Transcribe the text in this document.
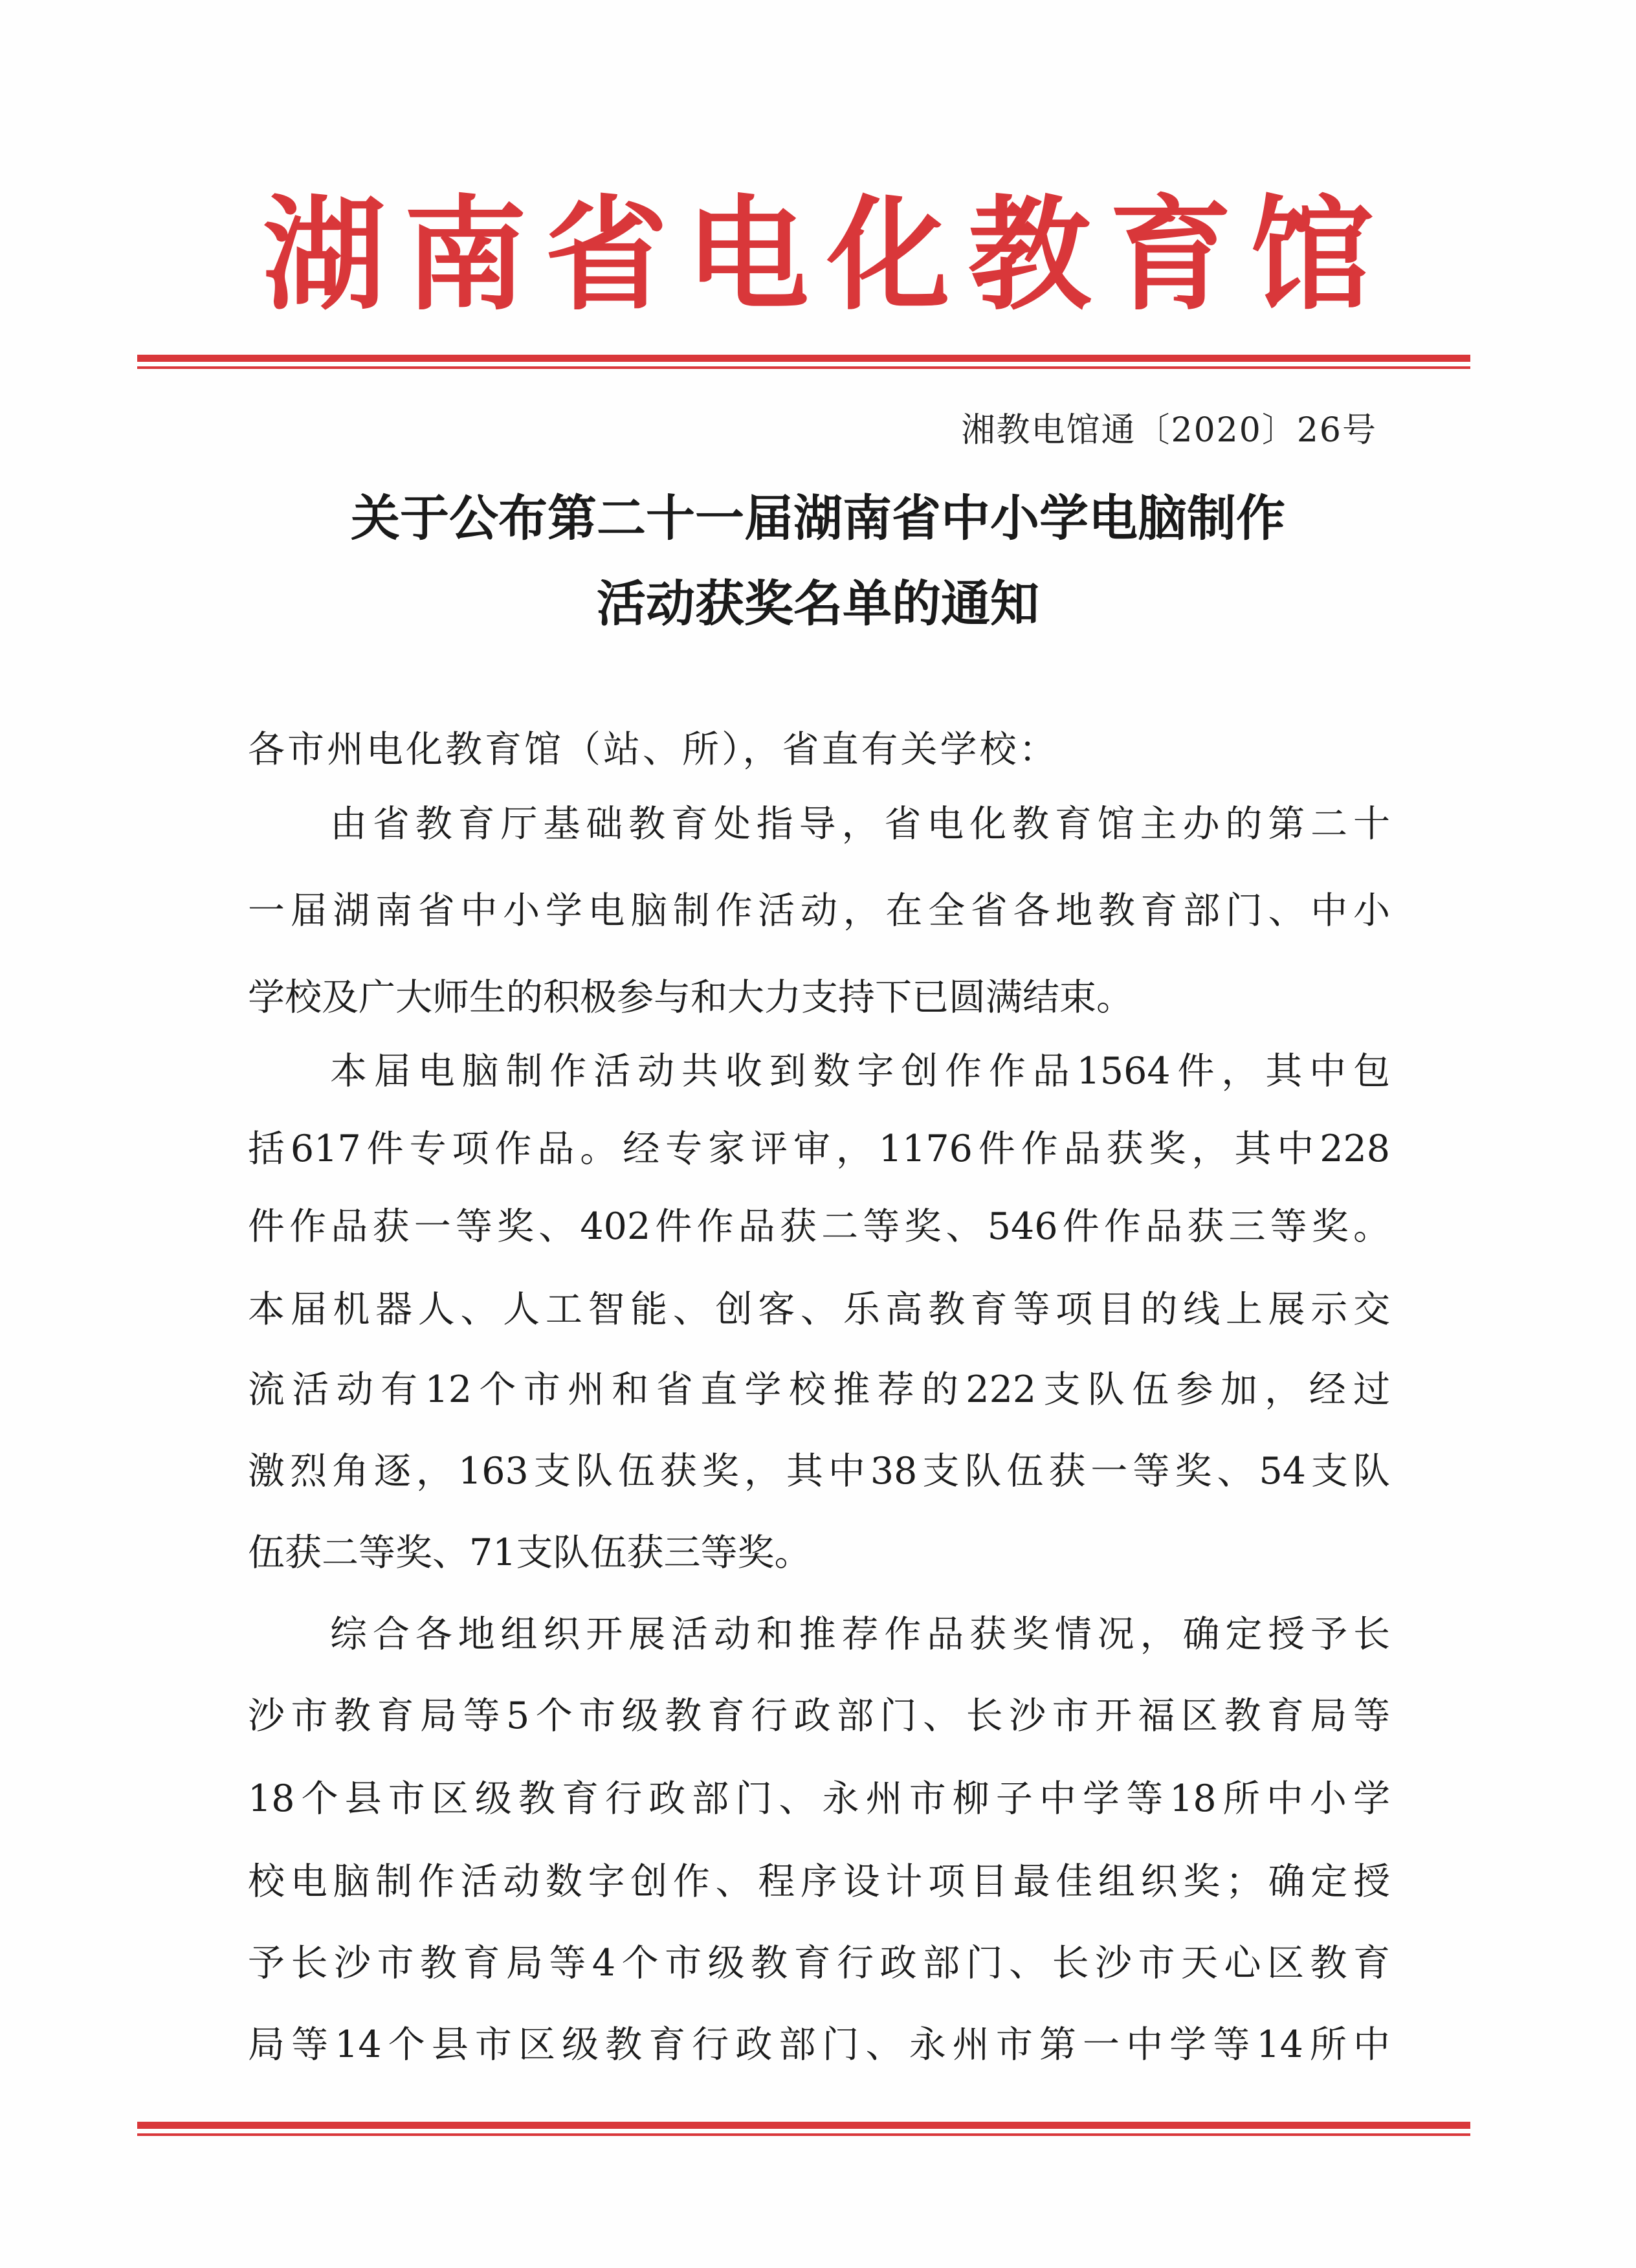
湖南省电化教育馆
湘教电馆通〔2020〕26号
关于公布第二十一届湖南省中小学电脑制作
活动获奖名单的通知
各市州电化教育馆（站、所），省直有关学校：
由省教育厅基础教育处指导，省电化教育馆主办的第二十
一届湖南省中小学电脑制作活动，在全省各地教育部门、中小
学校及广大师生的积极参与和大力支持下已圆满结束。
本届电脑制作活动共收到数字创作作品1564件，其中包
括617件专项作品。经专家评审，1176件作品获奖，其中228
件作品获一等奖、402件作品获二等奖、546件作品获三等奖。
本届机器人、人工智能、创客、乐高教育等项目的线上展示交
流活动有12个市州和省直学校推荐的222支队伍参加，经过
激烈角逐，163支队伍获奖，其中38支队伍获一等奖、54支队
伍获二等奖、71支队伍获三等奖。
综合各地组织开展活动和推荐作品获奖情况，确定授予长
沙市教育局等5个市级教育行政部门、长沙市开福区教育局等
18个县市区级教育行政部门、永州市柳子中学等18所中小学
校电脑制作活动数字创作、程序设计项目最佳组织奖；确定授
予长沙市教育局等4个市级教育行政部门、长沙市天心区教育
局等14个县市区级教育行政部门、永州市第一中学等14所中
